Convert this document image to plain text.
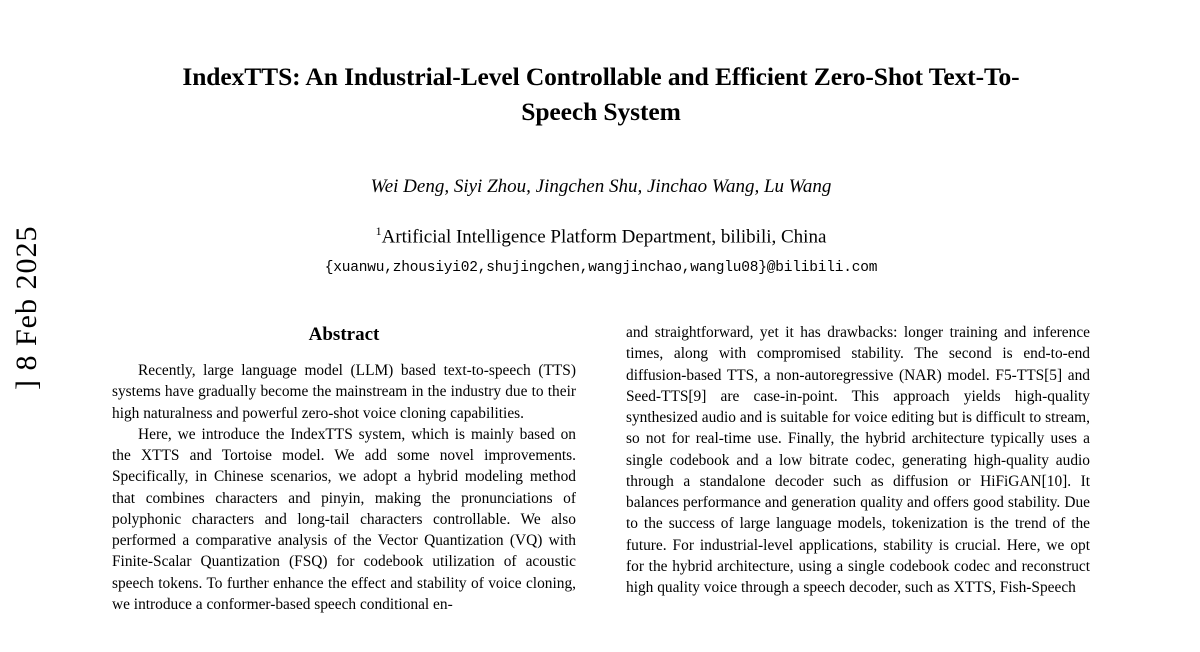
] 8 Feb 2025
IndexTTS: An Industrial-Level Controllable and Efficient Zero-Shot Text-To-Speech System
Wei Deng, Siyi Zhou, Jingchen Shu, Jinchao Wang, Lu Wang
$^1$Artificial Intelligence Platform Department, bilibili, China
{xuanwu,zhousiyi02,shujingchen,wangjinchao,wanglu08}@bilibili.com
Abstract

Recently, large language model (LLM) based text-to-speech (TTS) systems have gradually become the mainstream in the industry due to their high naturalness and powerful zero-shot voice cloning capabilities.

Here, we introduce the IndexTTS system, which is mainly based on the XTTS and Tortoise model. We add some novel improvements. Specifically, in Chinese scenarios, we adopt a hybrid modeling method that combines characters and pinyin, making the pronunciations of polyphonic characters and long-tail characters controllable. We also performed a comparative analysis of the Vector Quantization (VQ) with Finite-Scalar Quantization (FSQ) for codebook utilization of acoustic speech tokens. To further enhance the effect and stability of voice cloning, we introduce a conformer-based speech conditional en-

and straightforward, yet it has drawbacks: longer training and inference times, along with compromised stability. The second is end-to-end diffusion-based TTS, a non-autoregressive (NAR) model. F5-TTS[5] and Seed-TTS[9] are case-in-point. This approach yields high-quality synthesized audio and is suitable for voice editing but is difficult to stream, so not for real-time use. Finally, the hybrid architecture typically uses a single codebook and a low bitrate codec, generating high-quality audio through a standalone decoder such as diffusion or HiFiGAN[10]. It balances performance and generation quality and offers good stability. Due to the success of large language models, tokenization is the trend of the future. For industrial-level applications, stability is crucial. Here, we opt for the hybrid architecture, using a single codebook codec and reconstruct high quality voice through a speech decoder, such as XTTS, Fish-Speech
